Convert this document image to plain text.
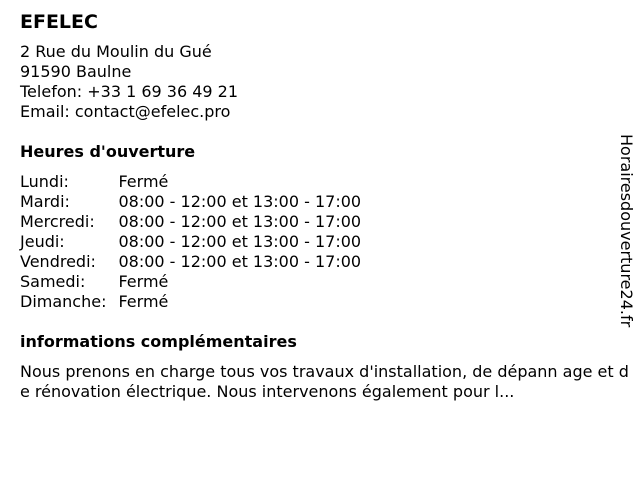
EFELEC
2 Rue du Moulin du Gué
91590 Baulne
Telefon: +33 1 69 36 49 21
Email: contact@efelec.pro
Heures d'ouverture
Lundi:	Fermé
Mardi:	08:00 - 12:00 et 13:00 - 17:00
Mercredi:	08:00 - 12:00 et 13:00 - 17:00
Jeudi:	08:00 - 12:00 et 13:00 - 17:00
Vendredi:	08:00 - 12:00 et 13:00 - 17:00
Samedi:	Fermé
Dimanche:	Fermé
informations complémentaires
Nous prenons en charge tous vos travaux d'installation, de dépann age et de rénovation électrique. Nous intervenons également pour l...
Horairesdouverture24.fr
